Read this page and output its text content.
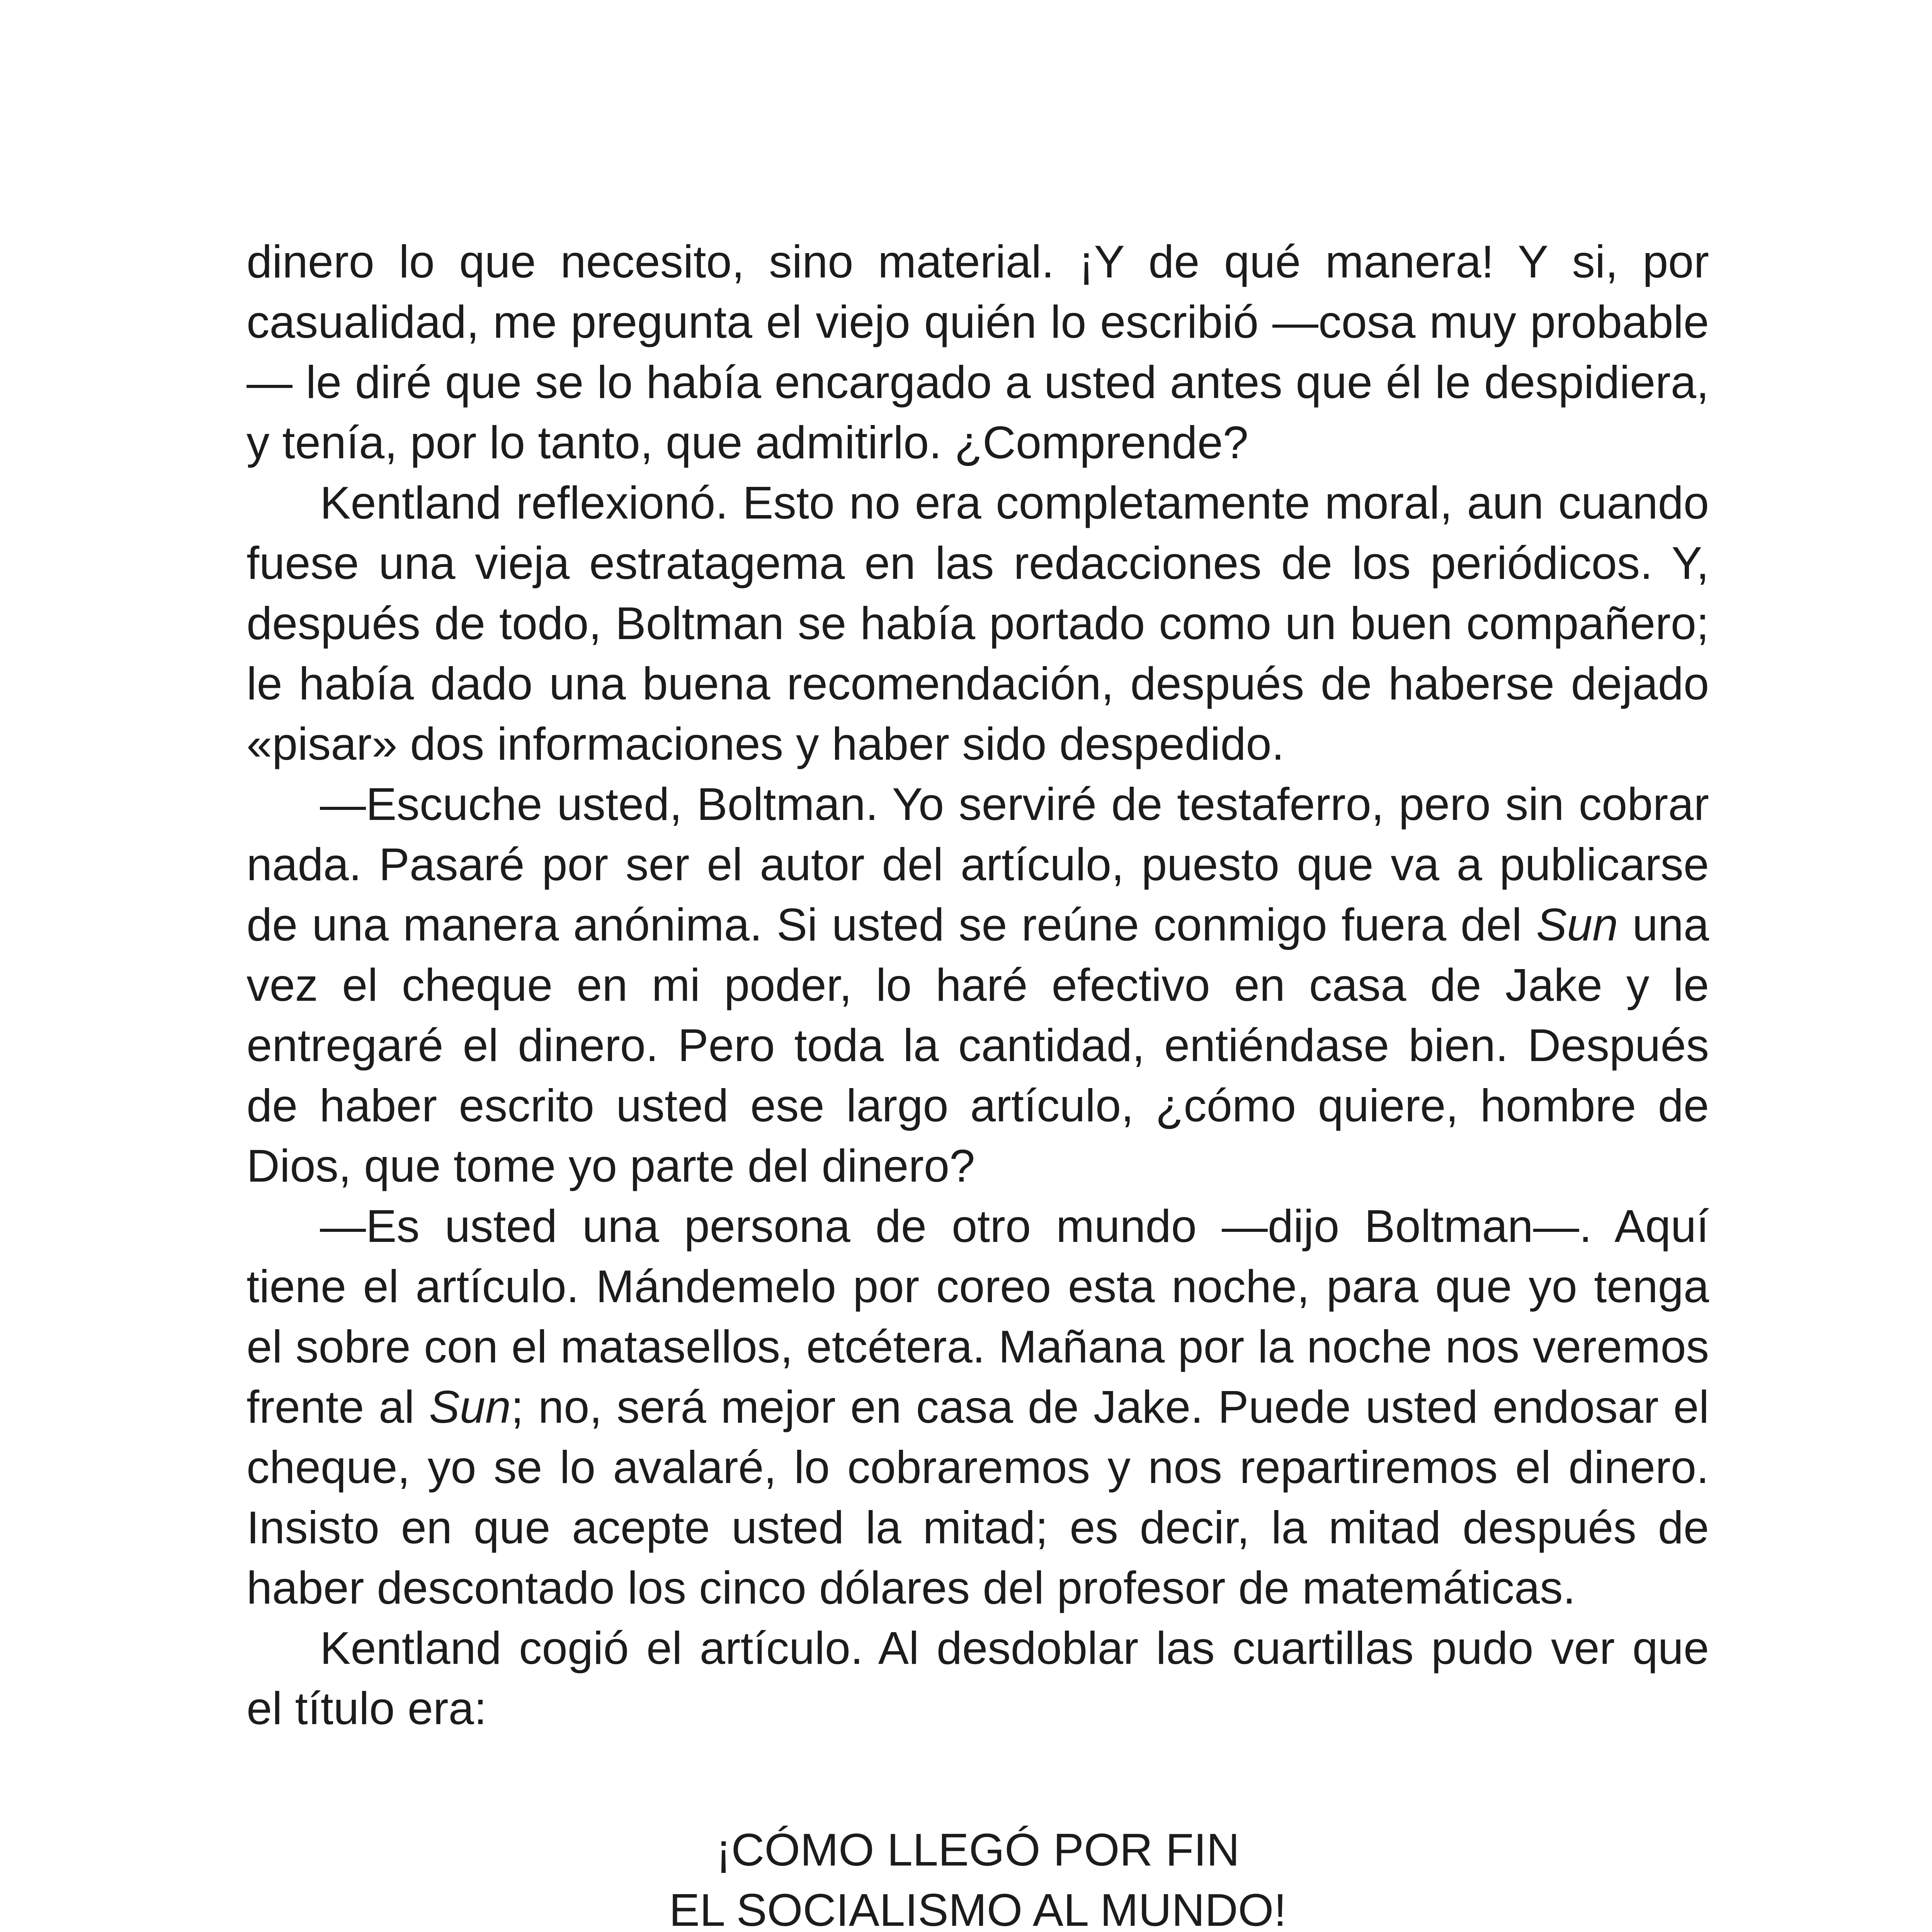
dinero lo que necesito, sino material. ¡Y de qué manera! Y si, por casualidad, me pregunta el viejo quién lo escribió —cosa muy probable— le diré que se lo había encargado a usted antes que él le despidiera, y tenía, por lo tanto, que admitirlo. ¿Comprende?

Kentland reflexionó. Esto no era completamente moral, aun cuando fuese una vieja estratagema en las redacciones de los periódicos. Y, después de todo, Boltman se había portado como un buen compañero; le había dado una buena recomendación, después de haberse dejado «pisar» dos informaciones y haber sido despedido.

—Escuche usted, Boltman. Yo serviré de testaferro, pero sin cobrar nada. Pasaré por ser el autor del artículo, puesto que va a publicarse de una manera anónima. Si usted se reúne conmigo fuera del Sun una vez el cheque en mi poder, lo haré efectivo en casa de Jake y le entregaré el dinero. Pero toda la cantidad, entiéndase bien. Después de haber escrito usted ese largo artículo, ¿cómo quiere, hombre de Dios, que tome yo parte del dinero?

—Es usted una persona de otro mundo —dijo Boltman—. Aquí tiene el artículo. Mándemelo por coreo esta noche, para que yo tenga el sobre con el matasellos, etcétera. Mañana por la noche nos veremos frente al Sun; no, será mejor en casa de Jake. Puede usted endosar el cheque, yo se lo avalaré, lo cobraremos y nos repartiremos el dinero. Insisto en que acepte usted la mitad; es decir, la mitad después de haber descontado los cinco dólares del profesor de matemáticas.

Kentland cogió el artículo. Al desdoblar las cuartillas pudo ver que el título era:

¡CÓMO LLEGÓ POR FIN
EL SOCIALISMO AL MUNDO!
